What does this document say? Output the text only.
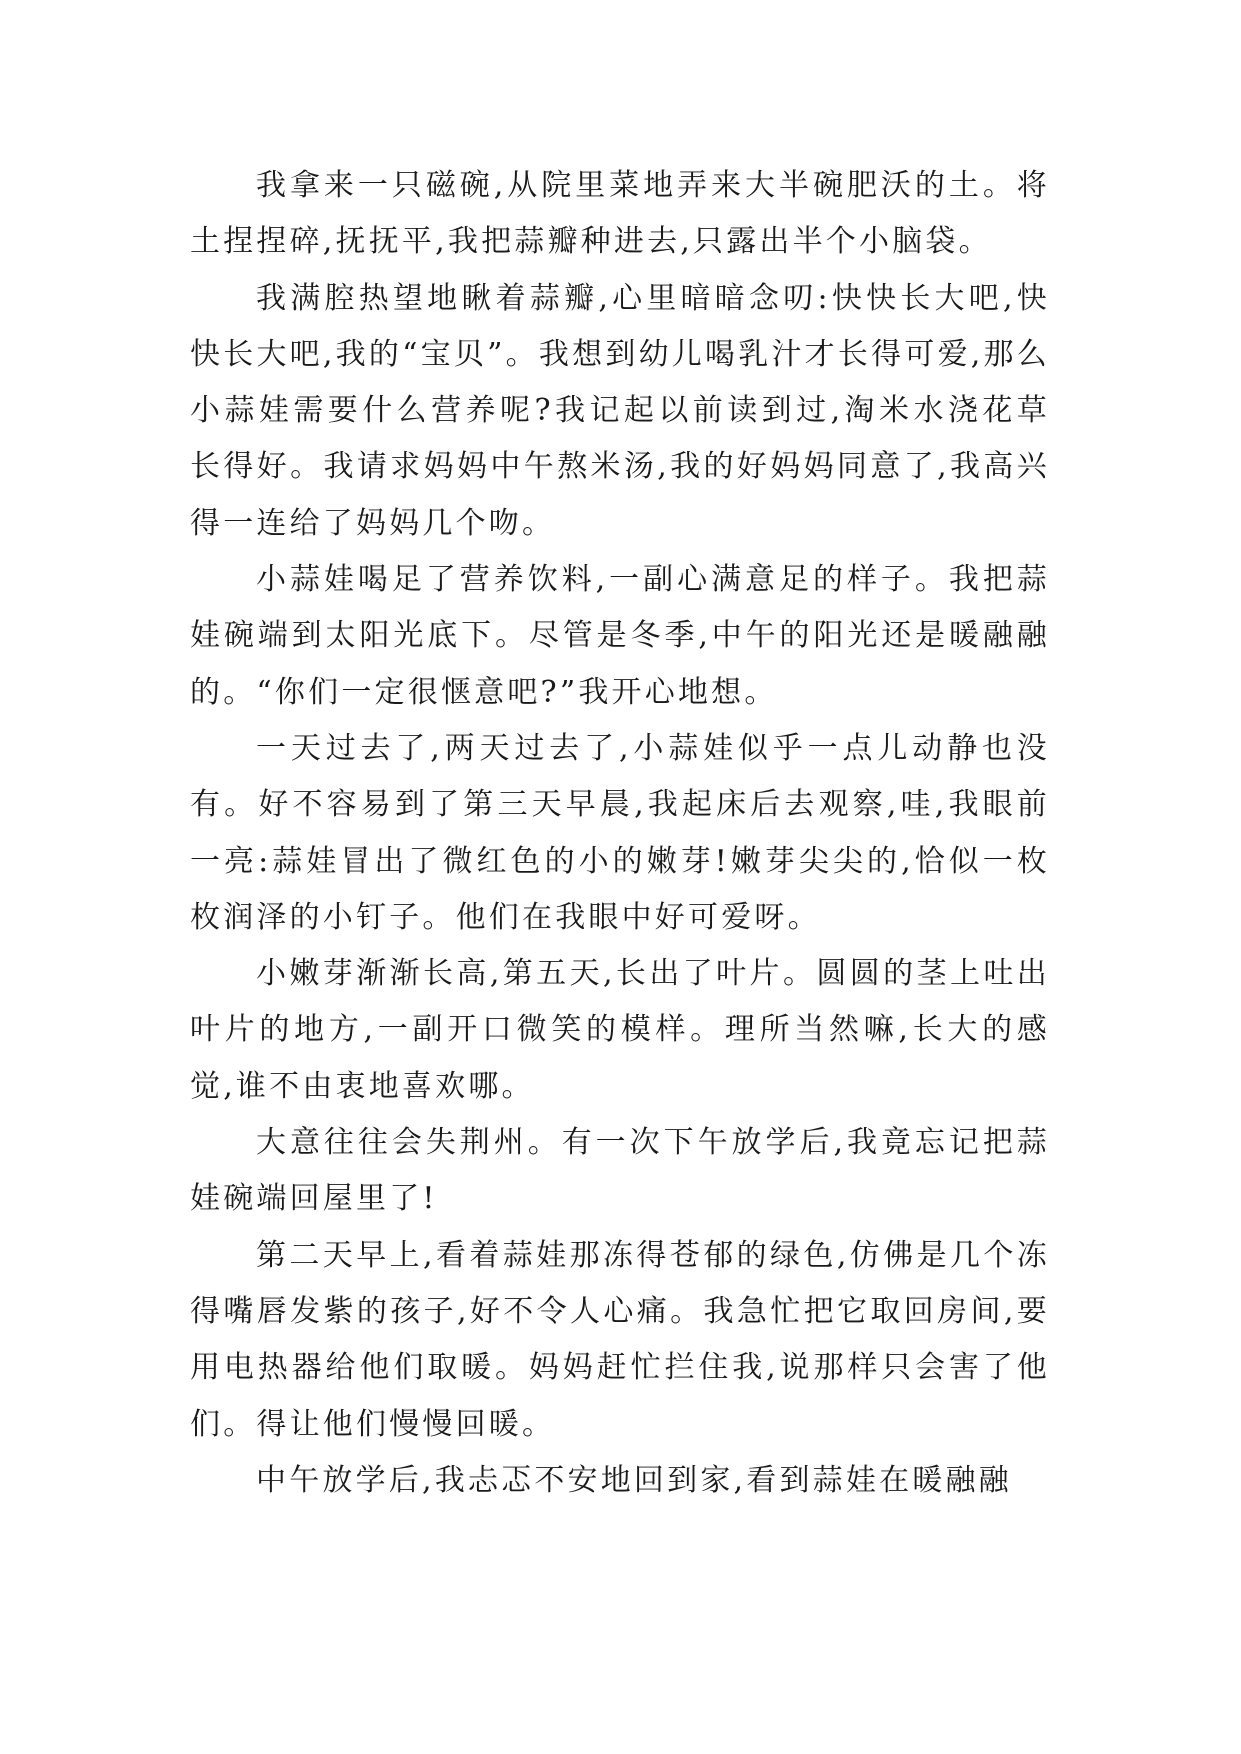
我拿来一只磁碗,从院里菜地弄来大半碗肥沃的土。将土捏捏碎,抚抚平,我把蒜瓣种进去,只露出半个小脑袋。

我满腔热望地瞅着蒜瓣,心里暗暗念叨:快快长大吧,快快长大吧,我的“宝贝”。我想到幼儿喝乳汁才长得可爱,那么小蒜娃需要什么营养呢?我记起以前读到过,淘米水浇花草长得好。我请求妈妈中午熬米汤,我的好妈妈同意了,我高兴得一连给了妈妈几个吻。

小蒜娃喝足了营养饮料,一副心满意足的样子。我把蒜娃碗端到太阳光底下。尽管是冬季,中午的阳光还是暖融融的。“你们一定很惬意吧?”我开心地想。

一天过去了,两天过去了,小蒜娃似乎一点儿动静也没有。好不容易到了第三天早晨,我起床后去观察,哇,我眼前一亮:蒜娃冒出了微红色的小的嫩芽!嫩芽尖尖的,恰似一枚枚润泽的小钉子。他们在我眼中好可爱呀。

小嫩芽渐渐长高,第五天,长出了叶片。圆圆的茎上吐出叶片的地方,一副开口微笑的模样。理所当然嘛,长大的感觉,谁不由衷地喜欢哪。

大意往往会失荆州。有一次下午放学后,我竟忘记把蒜娃碗端回屋里了!

第二天早上,看着蒜娃那冻得苍郁的绿色,仿佛是几个冻得嘴唇发紫的孩子,好不令人心痛。我急忙把它取回房间,要用电热器给他们取暖。妈妈赶忙拦住我,说那样只会害了他们。得让他们慢慢回暖。

中午放学后,我忐忑不安地回到家,看到蒜娃在暖融融
